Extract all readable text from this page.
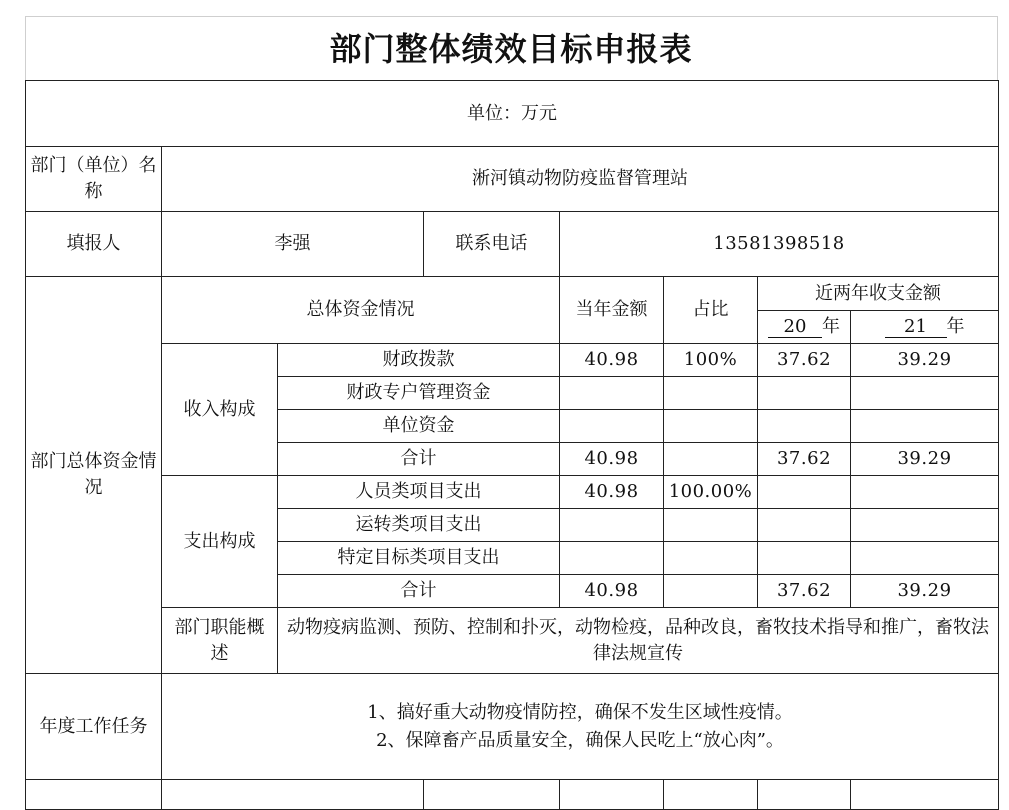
部门整体绩效目标申报表
单位：万元							
部门（单位）名称	淅河镇动物防疫监督管理站						
填报人	李强		联系电话	13581398518			
部门总体资金情况	总体资金情况			当年金额	占比	近两年收支金额	
						20 年	21 年
	收入构成	财政拨款		40.98	100%	37.62	39.29
		财政专户管理资金					
		单位资金					
		合计		40.98		37.62	39.29
	支出构成	人员类项目支出		40.98	100.00%		
		运转类项目支出					
		特定目标类项目支出					
		合计		40.98		37.62	39.29
	部门职能概述	动物疫病监测、预防、控制和扑灭，动物检疫，品种改良，畜牧技术指导和推广，畜牧法律法规宣传					
年度工作任务	1、搞好重大动物疫情防控，确保不发生区域性疫情。
2、保障畜产品质量安全，确保人民吃上“放心肉”。						
